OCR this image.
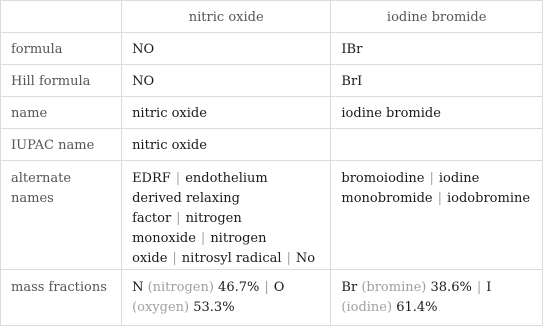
	nitric oxide	iodine bromide
formula	NO	IBr
Hill formula	NO	BrI
name	nitric oxide	iodine bromide
IUPAC name	nitric oxide	
alternate names	EDRF | endothelium derived relaxing factor | nitrogen monoxide | nitrogen oxide | nitrosyl radical | No	bromoiodine | iodine monobromide | iodobromine
mass fractions	N (nitrogen) 46.7% | O (oxygen) 53.3%	Br (bromine) 38.6% | I (iodine) 61.4%
